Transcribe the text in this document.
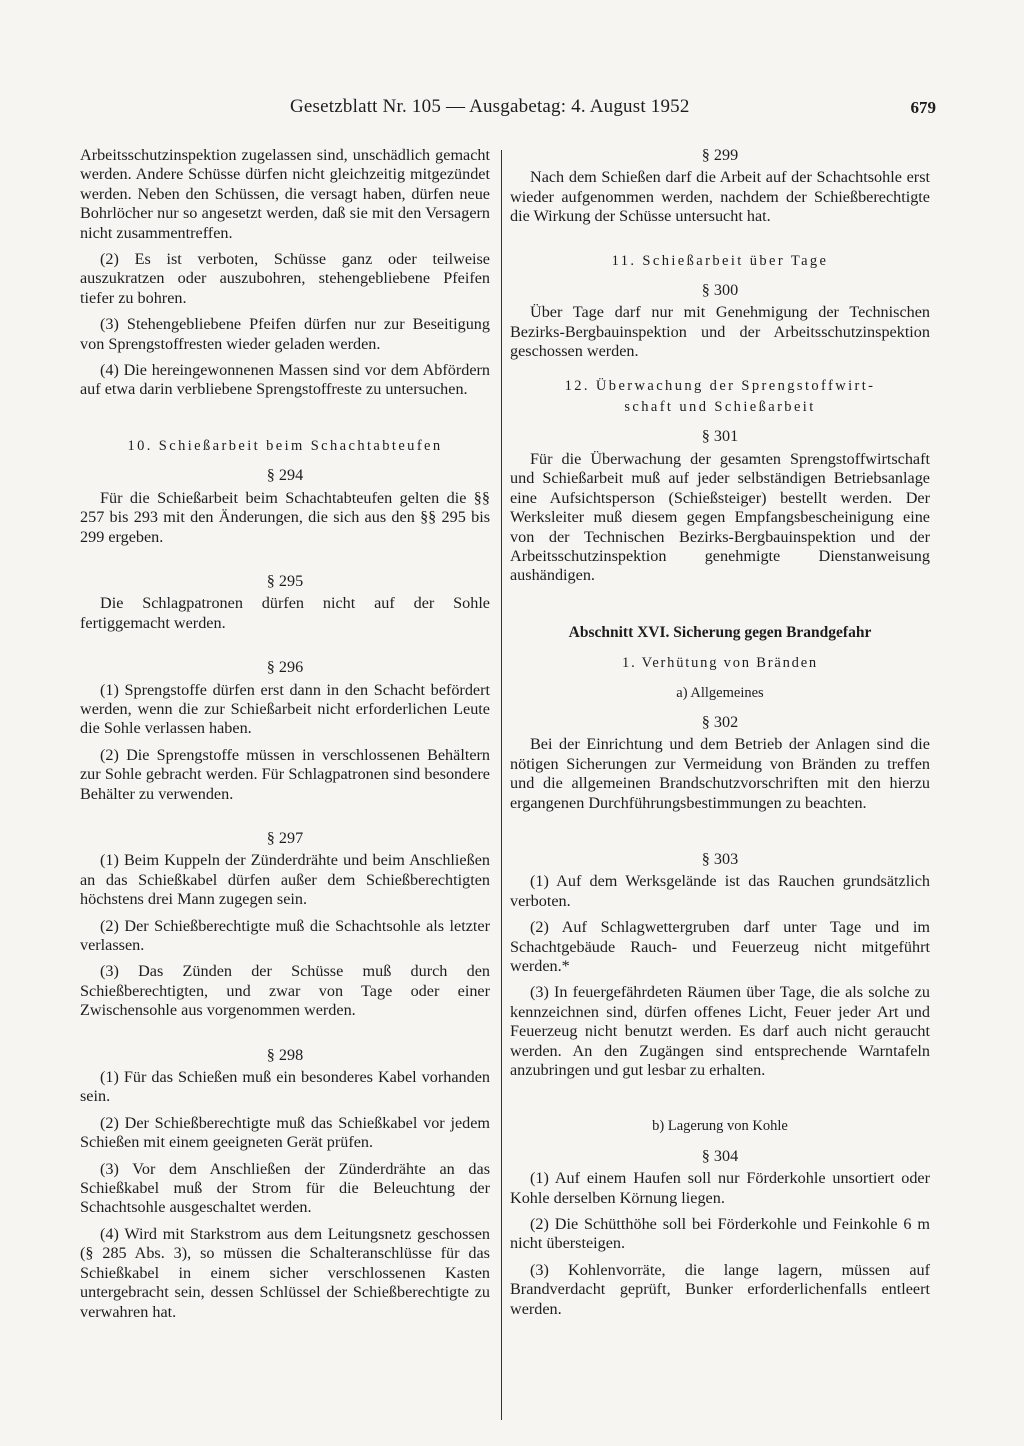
Gesetzblatt Nr. 105 — Ausgabetag: 4. August 1952	679

Arbeitsschutzinspektion zugelassen sind, unschädlich gemacht werden. Andere Schüsse dürfen nicht gleichzeitig mitgezündet werden. Neben den Schüssen, die versagt haben, dürfen neue Bohrlöcher nur so angesetzt werden, daß sie mit den Versagern nicht zusammentreffen.

(2) Es ist verboten, Schüsse ganz oder teilweise auszukratzen oder auszubohren, stehengebliebene Pfeifen tiefer zu bohren.

(3) Stehengebliebene Pfeifen dürfen nur zur Beseitigung von Sprengstoffresten wieder geladen werden.

(4) Die hereingewonnenen Massen sind vor dem Abfördern auf etwa darin verbliebene Sprengstoffreste zu untersuchen.

10. Schießarbeit beim Schachtabteufen
§ 294

Für die Schießarbeit beim Schachtabteufen gelten die §§ 257 bis 293 mit den Änderungen, die sich aus den §§ 295 bis 299 ergeben.

§ 295

Die Schlagpatronen dürfen nicht auf der Sohle fertiggemacht werden.

§ 296

(1) Sprengstoffe dürfen erst dann in den Schacht befördert werden, wenn die zur Schießarbeit nicht erforderlichen Leute die Sohle verlassen haben.

(2) Die Sprengstoffe müssen in verschlossenen Behältern zur Sohle gebracht werden. Für Schlagpatronen sind besondere Behälter zu verwenden.

§ 297

(1) Beim Kuppeln der Zünderdrähte und beim Anschließen an das Schießkabel dürfen außer dem Schießberechtigten höchstens drei Mann zugegen sein.

(2) Der Schießberechtigte muß die Schachtsohle als letzter verlassen.

(3) Das Zünden der Schüsse muß durch den Schießberechtigten, und zwar von Tage oder einer Zwischensohle aus vorgenommen werden.

§ 298

(1) Für das Schießen muß ein besonderes Kabel vorhanden sein.

(2) Der Schießberechtigte muß das Schießkabel vor jedem Schießen mit einem geeigneten Gerät prüfen.

(3) Vor dem Anschließen der Zünderdrähte an das Schießkabel muß der Strom für die Beleuchtung der Schachtsohle ausgeschaltet werden.

(4) Wird mit Starkstrom aus dem Leitungsnetz geschossen (§ 285 Abs. 3), so müssen die Schalteranschlüsse für das Schießkabel in einem sicher verschlossenen Kasten untergebracht sein, dessen Schlüssel der Schießberechtigte zu verwahren hat.

§ 299

Nach dem Schießen darf die Arbeit auf der Schachtsohle erst wieder aufgenommen werden, nachdem der Schießberechtigte die Wirkung der Schüsse untersucht hat.

11. Schießarbeit über Tage
§ 300

Über Tage darf nur mit Genehmigung der Technischen Bezirks-Bergbauinspektion und der Arbeitsschutzinspektion geschossen werden.

12. Überwachung der Sprengstoffwirt-
schaft und Schießarbeit
§ 301

Für die Überwachung der gesamten Sprengstoffwirtschaft und Schießarbeit muß auf jeder selbständigen Betriebsanlage eine Aufsichtsperson (Schießsteiger) bestellt werden. Der Werksleiter muß diesem gegen Empfangsbescheinigung eine von der Technischen Bezirks-Bergbauinspektion und der Arbeitsschutzinspektion genehmigte Dienstanweisung aushändigen.

Abschnitt XVI. Sicherung gegen Brandgefahr
1. Verhütung von Bränden
a) Allgemeines
§ 302

Bei der Einrichtung und dem Betrieb der Anlagen sind die nötigen Sicherungen zur Vermeidung von Bränden zu treffen und die allgemeinen Brandschutzvorschriften mit den hierzu ergangenen Durchführungsbestimmungen zu beachten.

§ 303

(1) Auf dem Werksgelände ist das Rauchen grundsätzlich verboten.

(2) Auf Schlagwettergruben darf unter Tage und im Schachtgebäude Rauch- und Feuerzeug nicht mitgeführt werden.*

(3) In feuergefährdeten Räumen über Tage, die als solche zu kennzeichnen sind, dürfen offenes Licht, Feuer jeder Art und Feuerzeug nicht benutzt werden. Es darf auch nicht geraucht werden. An den Zugängen sind entsprechende Warntafeln anzubringen und gut lesbar zu erhalten.

b) Lagerung von Kohle
§ 304

(1) Auf einem Haufen soll nur Förderkohle unsortiert oder Kohle derselben Körnung liegen.

(2) Die Schütthöhe soll bei Förderkohle und Feinkohle 6 m nicht übersteigen.

(3) Kohlenvorräte, die lange lagern, müssen auf Brandverdacht geprüft, Bunker erforderlichenfalls entleert werden.
